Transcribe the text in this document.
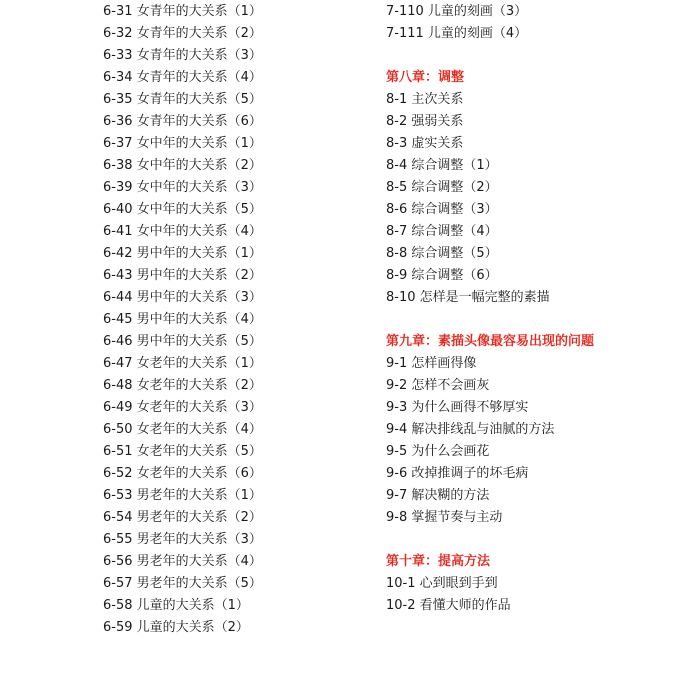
6-31 女青年的大关系（1）
6-32 女青年的大关系（2）
6-33 女青年的大关系（3）
6-34 女青年的大关系（4）
6-35 女青年的大关系（5）
6-36 女青年的大关系（6）
6-37 女中年的大关系（1）
6-38 女中年的大关系（2）
6-39 女中年的大关系（3）
6-40 女中年的大关系（5）
6-41 女中年的大关系（4）
6-42 男中年的大关系（1）
6-43 男中年的大关系（2）
6-44 男中年的大关系（3）
6-45 男中年的大关系（4）
6-46 男中年的大关系（5）
6-47 女老年的大关系（1）
6-48 女老年的大关系（2）
6-49 女老年的大关系（3）
6-50 女老年的大关系（4）
6-51 女老年的大关系（5）
6-52 女老年的大关系（6）
6-53 男老年的大关系（1）
6-54 男老年的大关系（2）
6-55 男老年的大关系（3）
6-56 男老年的大关系（4）
6-57 男老年的大关系（5）
6-58 儿童的大关系（1）
6-59 儿童的大关系（2）
7-110 儿童的刻画（3）
7-111 儿童的刻画（4）
第八章：调整
8-1 主次关系
8-2 强弱关系
8-3 虚实关系
8-4 综合调整（1）
8-5 综合调整（2）
8-6 综合调整（3）
8-7 综合调整（4）
8-8 综合调整（5）
8-9 综合调整（6）
8-10 怎样是一幅完整的素描
第九章：素描头像最容易出现的问题
9-1 怎样画得像
9-2 怎样不会画灰
9-3 为什么画得不够厚实
9-4 解决排线乱与油腻的方法
9-5 为什么会画花
9-6 改掉推调子的坏毛病
9-7 解决糊的方法
9-8 掌握节奏与主动
第十章：提高方法
10-1 心到眼到手到
10-2 看懂大师的作品
